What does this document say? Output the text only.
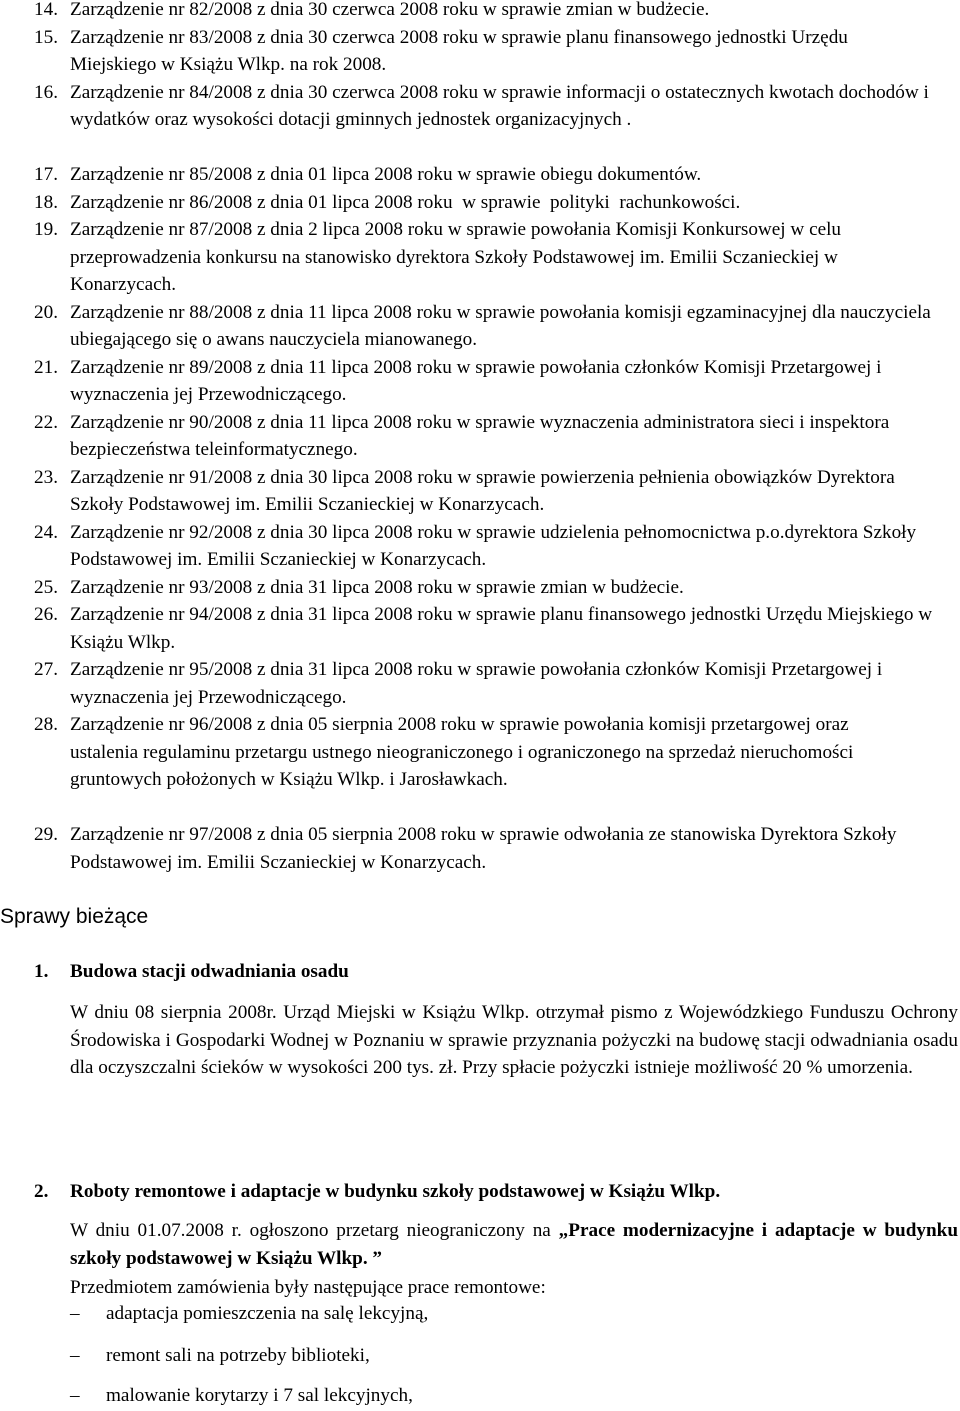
14. Zarządzenie nr 82/2008 z dnia 30 czerwca 2008 roku w sprawie zmian w budżecie.
15. Zarządzenie nr 83/2008 z dnia 30 czerwca 2008 roku w sprawie planu finansowego jednostki Urzędu Miejskiego w Książu Wlkp. na rok 2008.
16. Zarządzenie nr 84/2008 z dnia 30 czerwca 2008 roku w sprawie informacji o ostatecznych kwotach dochodów i wydatków oraz wysokości dotacji gminnych jednostek organizacyjnych .
17. Zarządzenie nr 85/2008 z dnia 01 lipca 2008 roku w sprawie obiegu dokumentów.
18. Zarządzenie nr 86/2008 z dnia 01 lipca 2008 roku  w sprawie  polityki  rachunkowości.
19. Zarządzenie nr 87/2008 z dnia 2 lipca 2008 roku w sprawie powołania Komisji Konkursowej w celu przeprowadzenia konkursu na stanowisko dyrektora Szkoły Podstawowej im. Emilii Sczanieckiej w Konarzycach.
20. Zarządzenie nr 88/2008 z dnia 11 lipca 2008 roku w sprawie powołania komisji egzaminacyjnej dla nauczyciela ubiegającego się o awans nauczyciela mianowanego.
21. Zarządzenie nr 89/2008 z dnia 11 lipca 2008 roku w sprawie powołania członków Komisji Przetargowej i wyznaczenia jej Przewodniczącego.
22. Zarządzenie nr 90/2008 z dnia 11 lipca 2008 roku w sprawie wyznaczenia administratora sieci i inspektora bezpieczeństwa teleinformatycznego.
23. Zarządzenie nr 91/2008 z dnia 30 lipca 2008 roku w sprawie powierzenia pełnienia obowiązków Dyrektora Szkoły Podstawowej im. Emilii Sczanieckiej w Konarzycach.
24. Zarządzenie nr 92/2008 z dnia 30 lipca 2008 roku w sprawie udzielenia pełnomocnictwa p.o.dyrektora Szkoły Podstawowej im. Emilii Sczanieckiej w Konarzycach.
25. Zarządzenie nr 93/2008 z dnia 31 lipca 2008 roku w sprawie zmian w budżecie.
26. Zarządzenie nr 94/2008 z dnia 31 lipca 2008 roku w sprawie planu finansowego jednostki Urzędu Miejskiego w Książu Wlkp.
27. Zarządzenie nr 95/2008 z dnia 31 lipca 2008 roku w sprawie powołania członków Komisji Przetargowej i wyznaczenia jej Przewodniczącego.
28. Zarządzenie nr 96/2008 z dnia 05 sierpnia 2008 roku w sprawie powołania komisji przetargowej oraz ustalenia regulaminu przetargu ustnego nieograniczonego i ograniczonego na sprzedaż nieruchomości gruntowych położonych w Książu Wlkp. i Jarosławkach.
29. Zarządzenie nr 97/2008 z dnia 05 sierpnia 2008 roku w sprawie odwołania ze stanowiska Dyrektora Szkoły Podstawowej im. Emilii Sczanieckiej w Konarzycach.
Sprawy bieżące
1. Budowa stacji odwadniania osadu
W dniu 08 sierpnia 2008r. Urząd Miejski w Książu Wlkp. otrzymał pismo z Wojewódzkiego Funduszu Ochrony Środowiska i Gospodarki Wodnej w Poznaniu w sprawie przyznania pożyczki na budowę stacji odwadniania osadu dla oczyszczalni ścieków w wysokości 200 tys. zł. Przy spłacie pożyczki istnieje możliwość 20 % umorzenia.
2. Roboty remontowe i adaptacje w budynku szkoły podstawowej w Książu Wlkp.
W dniu 01.07.2008 r. ogłoszono przetarg nieograniczony na „Prace modernizacyjne i adaptacje w budynku szkoły podstawowej w Książu Wlkp. ”
Przedmiotem zamówienia były następujące prace remontowe:
– adaptacja pomieszczenia na salę lekcyjną,
– remont sali na potrzeby biblioteki,
– malowanie korytarzy i 7 sal lekcyjnych,
